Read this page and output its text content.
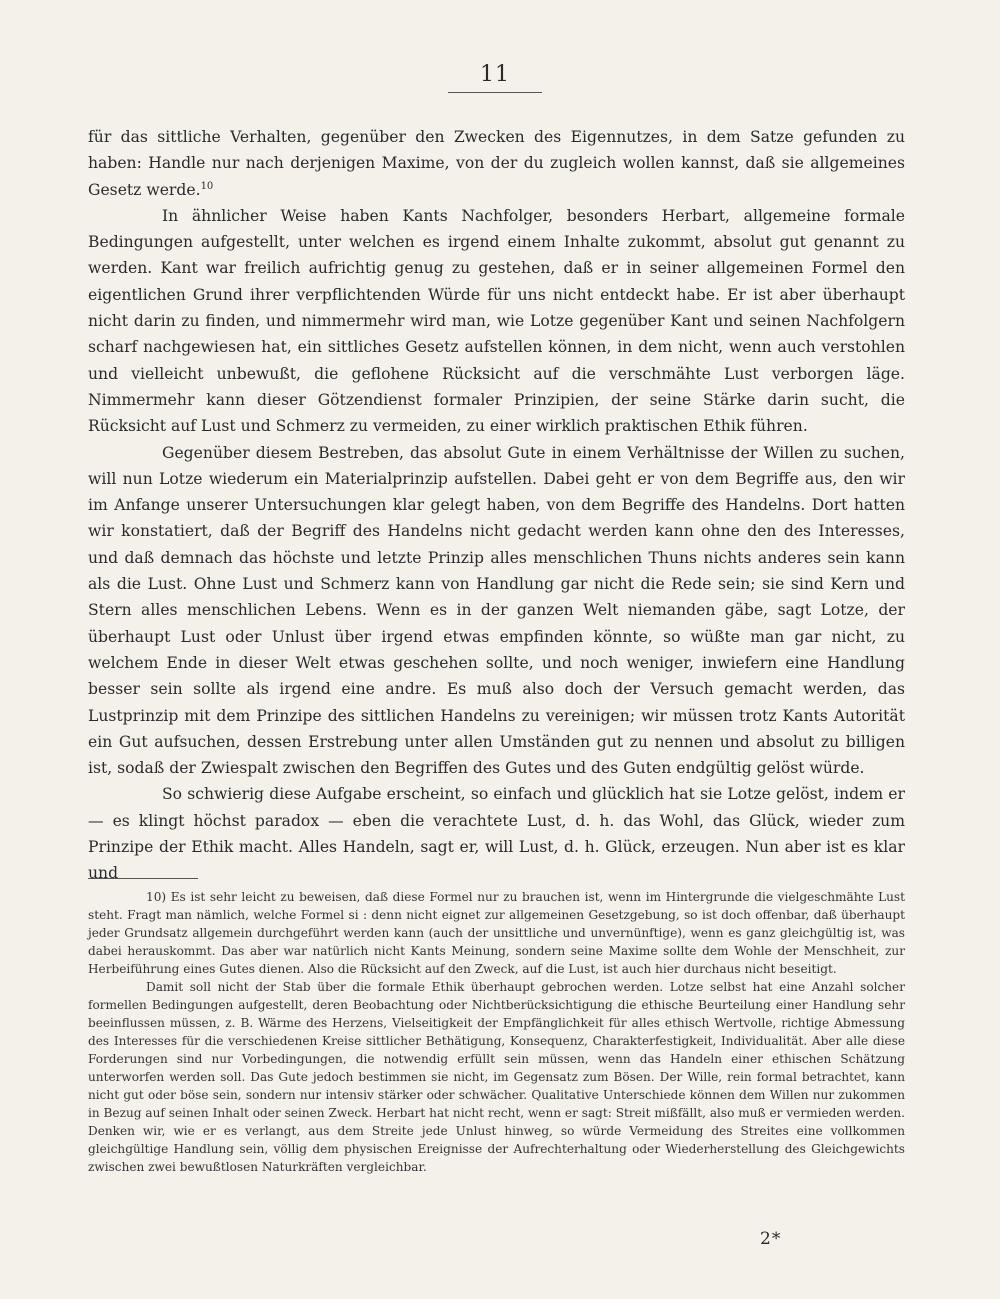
11

für das sittliche Verhalten, gegenüber den Zwecken des Eigennutzes, in dem Satze gefunden zu haben: Handle nur nach derjenigen Maxime, von der du zugleich wollen kannst, daß sie allgemeines Gesetz werde.$^{10}$

In ähnlicher Weise haben Kants Nachfolger, besonders Herbart, allgemeine formale Bedingungen aufgestellt, unter welchen es irgend einem Inhalte zukommt, absolut gut genannt zu werden. Kant war freilich aufrichtig genug zu gestehen, daß er in seiner allgemeinen Formel den eigentlichen Grund ihrer verpflichtenden Würde für uns nicht entdeckt habe. Er ist aber überhaupt nicht darin zu finden, und nimmermehr wird man, wie Lotze gegenüber Kant und seinen Nachfolgern scharf nachgewiesen hat, ein sittliches Gesetz aufstellen können, in dem nicht, wenn auch verstohlen und vielleicht unbewußt, die geflohene Rücksicht auf die verschmähte Lust verborgen läge. Nimmermehr kann dieser Götzendienst formaler Prinzipien, der seine Stärke darin sucht, die Rücksicht auf Lust und Schmerz zu vermeiden, zu einer wirklich praktischen Ethik führen.

Gegenüber diesem Bestreben, das absolut Gute in einem Verhältnisse der Willen zu suchen, will nun Lotze wiederum ein Materialprinzip aufstellen. Dabei geht er von dem Begriffe aus, den wir im Anfange unserer Untersuchungen klar gelegt haben, von dem Begriffe des Handelns. Dort hatten wir konstatiert, daß der Begriff des Handelns nicht gedacht werden kann ohne den des Interesses, und daß demnach das höchste und letzte Prinzip alles menschlichen Thuns nichts anderes sein kann als die Lust. Ohne Lust und Schmerz kann von Handlung gar nicht die Rede sein; sie sind Kern und Stern alles menschlichen Lebens. Wenn es in der ganzen Welt niemanden gäbe, sagt Lotze, der überhaupt Lust oder Unlust über irgend etwas empfinden könnte, so wüßte man gar nicht, zu welchem Ende in dieser Welt etwas geschehen sollte, und noch weniger, inwiefern eine Handlung besser sein sollte als irgend eine andre. Es muß also doch der Versuch gemacht werden, das Lustprinzip mit dem Prinzipe des sittlichen Handelns zu vereinigen; wir müssen trotz Kants Autorität ein Gut aufsuchen, dessen Erstrebung unter allen Umständen gut zu nennen und absolut zu billigen ist, sodaß der Zwiespalt zwischen den Begriffen des Gutes und des Guten endgültig gelöst würde.

So schwierig diese Aufgabe erscheint, so einfach und glücklich hat sie Lotze gelöst, indem er — es klingt höchst paradox — eben die verachtete Lust, d. h. das Wohl, das Glück, wieder zum Prinzipe der Ethik macht. Alles Handeln, sagt er, will Lust, d. h. Glück, erzeugen. Nun aber ist es klar und

10) Es ist sehr leicht zu beweisen, daß diese Formel nur zu brauchen ist, wenn im Hintergrunde die vielgeschmähte Lust steht. Fragt man nämlich, welche Formel si : denn nicht eignet zur allgemeinen Gesetzgebung, so ist doch offenbar, daß überhaupt jeder Grundsatz allgemein durchgeführt werden kann (auch der unsittliche und unvernünftige), wenn es ganz gleichgültig ist, was dabei herauskommt. Das aber war natürlich nicht Kants Meinung, sondern seine Maxime sollte dem Wohle der Menschheit, zur Herbeiführung eines Gutes dienen. Also die Rücksicht auf den Zweck, auf die Lust, ist auch hier durchaus nicht beseitigt.

Damit soll nicht der Stab über die formale Ethik überhaupt gebrochen werden. Lotze selbst hat eine Anzahl solcher formellen Bedingungen aufgestellt, deren Beobachtung oder Nichtberücksichtigung die ethische Beurteilung einer Handlung sehr beeinflussen müssen, z. B. Wärme des Herzens, Vielseitigkeit der Empfänglichkeit für alles ethisch Wertvolle, richtige Abmessung des Interesses für die verschiedenen Kreise sittlicher Bethätigung, Konsequenz, Charakterfestigkeit, Individualität. Aber alle diese Forderungen sind nur Vorbedingungen, die notwendig erfüllt sein müssen, wenn das Handeln einer ethischen Schätzung unterworfen werden soll. Das Gute jedoch bestimmen sie nicht, im Gegensatz zum Bösen. Der Wille, rein formal betrachtet, kann nicht gut oder böse sein, sondern nur intensiv stärker oder schwächer. Qualitative Unterschiede können dem Willen nur zukommen in Bezug auf seinen Inhalt oder seinen Zweck. Herbart hat nicht recht, wenn er sagt: Streit mißfällt, also muß er vermieden werden. Denken wir, wie er es verlangt, aus dem Streite jede Unlust hinweg, so würde Vermeidung des Streites eine vollkommen gleichgültige Handlung sein, völlig dem physischen Ereignisse der Aufrechterhaltung oder Wiederherstellung des Gleichgewichts zwischen zwei bewußtlosen Naturkräften vergleichbar.

2*
